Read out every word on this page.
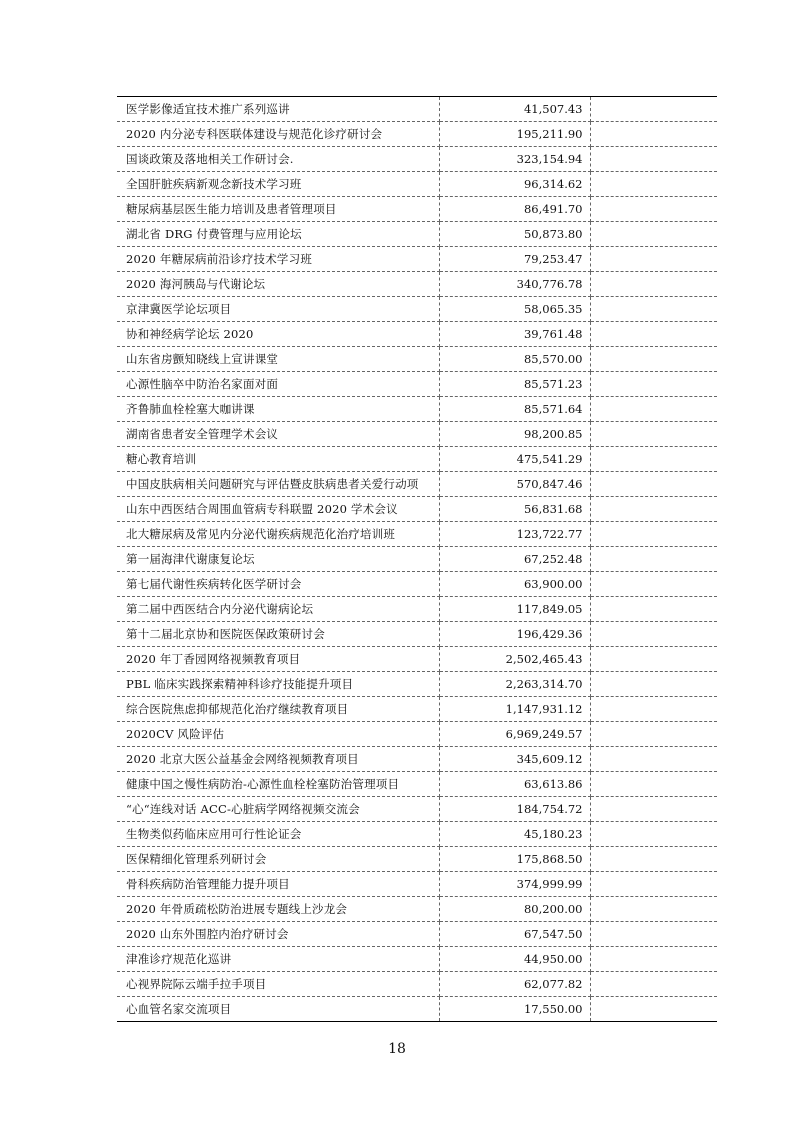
医学影像适宜技术推广系列巡讲	41,507.43	
2020 内分泌专科医联体建设与规范化诊疗研讨会	195,211.90	
国谈政策及落地相关工作研讨会.	323,154.94	
全国肝脏疾病新观念新技术学习班	96,314.62	
糖尿病基层医生能力培训及患者管理项目	86,491.70	
湖北省 DRG 付费管理与应用论坛	50,873.80	
2020 年糖尿病前沿诊疗技术学习班	79,253.47	
2020 海河胰岛与代谢论坛	340,776.78	
京津冀医学论坛项目	58,065.35	
协和神经病学论坛 2020	39,761.48	
山东省房颤知晓线上宣讲课堂	85,570.00	
心源性脑卒中防治名家面对面	85,571.23	
齐鲁肺血栓栓塞大咖讲课	85,571.64	
湖南省患者安全管理学术会议	98,200.85	
糖心教育培训	475,541.29	
中国皮肤病相关问题研究与评估暨皮肤病患者关爱行动项	570,847.46	
山东中西医结合周围血管病专科联盟 2020 学术会议	56,831.68	
北大糖尿病及常见内分泌代谢疾病规范化治疗培训班	123,722.77	
第一届海津代谢康复论坛	67,252.48	
第七届代谢性疾病转化医学研讨会	63,900.00	
第二届中西医结合内分泌代谢病论坛	117,849.05	
第十二届北京协和医院医保政策研讨会	196,429.36	
2020 年丁香园网络视频教育项目	2,502,465.43	
PBL 临床实践探索精神科诊疗技能提升项目	2,263,314.70	
综合医院焦虑抑郁规范化治疗继续教育项目	1,147,931.12	
2020CV 风险评估	6,969,249.57	
2020 北京大医公益基金会网络视频教育项目	345,609.12	
健康中国之慢性病防治-心源性血栓栓塞防治管理项目	63,613.86	
“心“连线对话 ACC-心脏病学网络视频交流会	184,754.72	
生物类似药临床应用可行性论证会	45,180.23	
医保精细化管理系列研讨会	175,868.50	
骨科疾病防治管理能力提升项目	374,999.99	
2020 年骨质疏松防治进展专题线上沙龙会	80,200.00	
2020 山东外围腔内治疗研讨会	67,547.50	
津准诊疗规范化巡讲	44,950.00	
心视界院际云端手拉手项目	62,077.82	
心血管名家交流项目	17,550.00	
18
